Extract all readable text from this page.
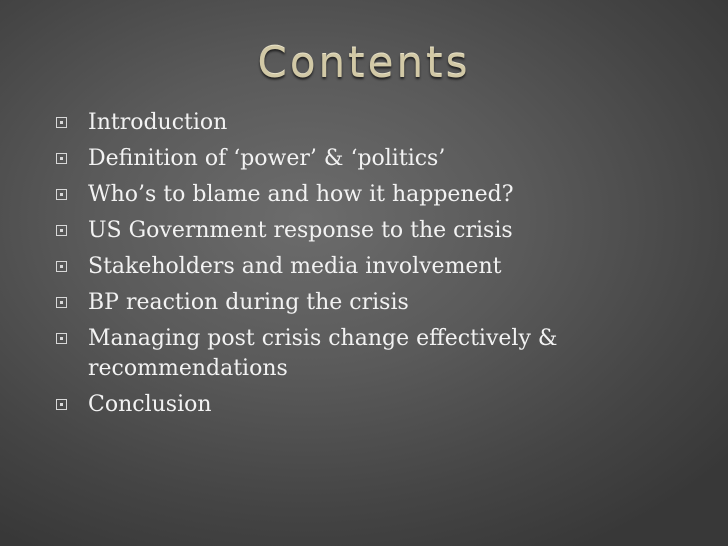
Contents
Introduction
Definition of ‘power’ & ‘politics’
Who’s to blame and how it happened?
US Government response to the crisis
Stakeholders and media involvement
BP reaction during the crisis
Managing post crisis change effectively & recommendations
Conclusion
